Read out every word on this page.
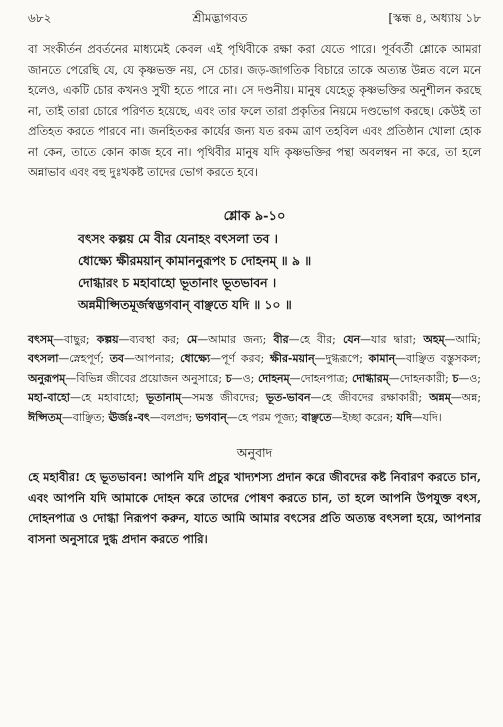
৬৮২	শ্রীমদ্ভাগবত	[স্কন্ধ ৪, অধ্যায় ১৮

বা সংকীর্তন প্রবর্তনের মাধ্যমেই কেবল এই পৃথিবীকে রক্ষা করা যেতে পারে। পূর্ববর্তী শ্লোকে আমরা জানতে পেরেছি যে, যে কৃষ্ণভক্ত নয়, সে চোর। জড়-জাগতিক বিচারে তাকে অত্যন্ত উন্নত বলে মনে হলেও, একটি চোর কখনও সুখী হতে পারে না। সে দণ্ডনীয়। মানুষ যেহেতু কৃষ্ণভক্তির অনুশীলন করছে না, তাই তারা চোরে পরিণত হয়েছে, এবং তার ফলে তারা প্রকৃতির নিয়মে দণ্ডভোগ করছে। কেউই তা প্রতিহত করতে পারবে না। জনহিতকর কার্যের জন্য যত রকম ত্রাণ তহবিল এবং প্রতিষ্ঠান খোলা হোক না কেন, তাতে কোন কাজ হবে না। পৃথিবীর মানুষ যদি কৃষ্ণভক্তির পন্থা অবলম্বন না করে, তা হলে অন্নাভাব এবং বহু দুঃখকষ্ট তাদের ভোগ করতে হবে।

শ্লোক ৯-১০
বৎসং কল্পয় মে বীর যেনাহং বৎসলা তব ।
ধোক্ষ্যে ক্ষীরময়ান্ কামাননুরূপং চ দোহনম্ ॥ ৯ ॥
দোগ্ধারং চ মহাবাহো ভূতানাং ভূতভাবন ।
অন্নমীপ্সিতমূর্জস্বদ্ভগবান্ বাঞ্ছতে যদি ॥ ১০ ॥
বৎসম্—বাছুর; কল্পয়—ব্যবস্থা কর; মে—আমার জন্য; বীর—হে বীর; যেন—যার দ্বারা; অহম্—আমি; বৎসলা—স্নেহপূর্ণ; তব—আপনার; ধোক্ষ্যে—পূর্ণ করব; ক্ষীর-ময়ান্—দুগ্ধরূপে; কামান্—বাঞ্ছিত বস্তুসকল; অনুরূপম্—বিভিন্ন জীবের প্রয়োজন অনুসারে; চ—ও; দোহনম্—দোহনপাত্র; দোগ্ধারম্—দোহনকারী; চ—ও; মহা-বাহো—হে মহাবাহো; ভূতানাম্—সমস্ত জীবদের; ভূত-ভাবন—হে জীবদের রক্ষাকারী; অন্নম্—অন্ন; ঈপ্সিতম্—বাঞ্ছিত; ঊর্জঃ-বৎ—বলপ্রদ; ভগবান্—হে পরম পূজ্য; বাঞ্ছতে—ইচ্ছা করেন; যদি—যদি।
অনুবাদ
হে মহাবীর! হে ভূতভাবন! আপনি যদি প্রচুর খাদ্যশস্য প্রদান করে জীবদের কষ্ট নিবারণ করতে চান, এবং আপনি যদি আমাকে দোহন করে তাদের পোষণ করতে চান, তা হলে আপনি উপযুক্ত বৎস, দোহনপাত্র ও দোগ্ধা নিরূপণ করুন, যাতে আমি আমার বৎসের প্রতি অত্যন্ত বৎসলা হয়ে, আপনার বাসনা অনুসারে দুগ্ধ প্রদান করতে পারি।
